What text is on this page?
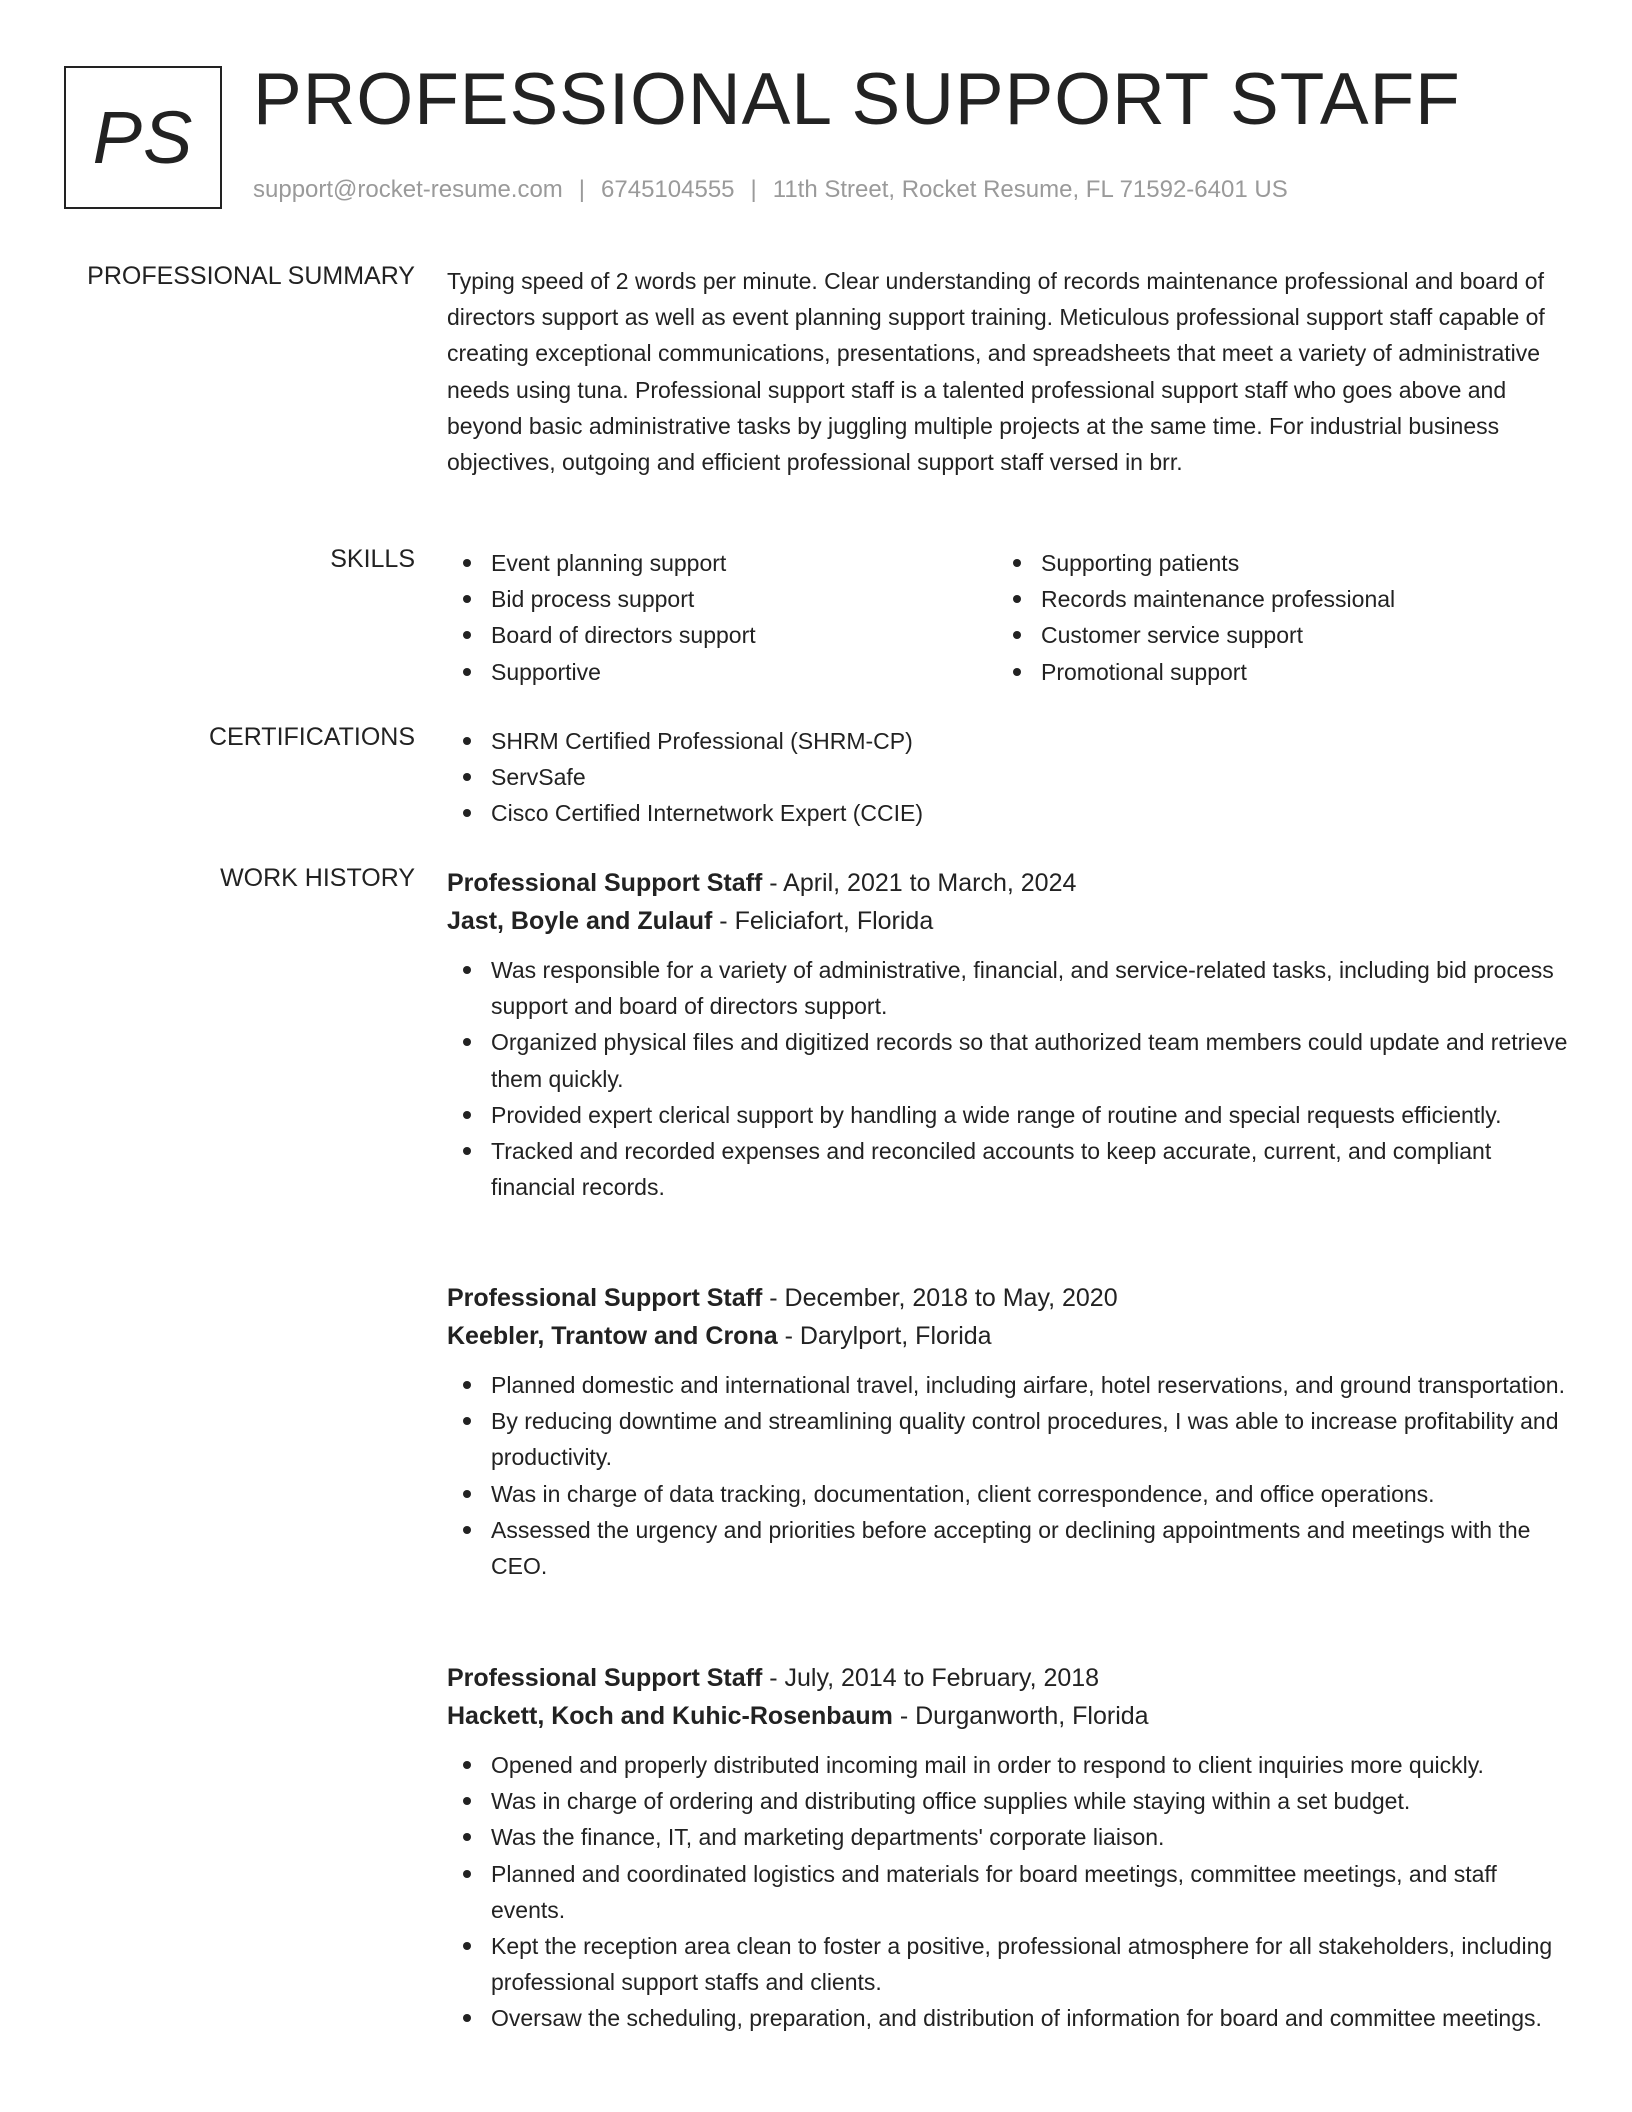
PS PROFESSIONAL SUPPORT STAFF
support@rocket-resume.com | 6745104555 | 11th Street, Rocket Resume, FL 71592-6401 US
PROFESSIONAL SUMMARY Typing speed of 2 words per minute. Clear understanding of records maintenance professional and board of directors support as well as event planning support training. Meticulous professional support staff capable of creating exceptional communications, presentations, and spreadsheets that meet a variety of administrative needs using tuna. Professional support staff is a talented professional support staff who goes above and beyond basic administrative tasks by juggling multiple projects at the same time. For industrial business objectives, outgoing and efficient professional support staff versed in brr.
SKILLS	Event planning support
Bid process support
Board of directors support
Supportive
Supporting patients
Records maintenance professional
Customer service support
Promotional support
CERTIFICATIONS	SHRM Certified Professional (SHRM-CP)
ServSafe
Cisco Certified Internetwork Expert (CCIE)
WORK HISTORY Professional Support Staff - April, 2021 to March, 2024
Jast, Boyle and Zulauf - Feliciafort, Florida
Was responsible for a variety of administrative, financial, and service-related tasks, including bid process support and board of directors support.
Organized physical files and digitized records so that authorized team members could update and retrieve them quickly.
Provided expert clerical support by handling a wide range of routine and special requests efficiently.
Tracked and recorded expenses and reconciled accounts to keep accurate, current, and compliant financial records.
Professional Support Staff - December, 2018 to May, 2020
Keebler, Trantow and Crona - Darylport, Florida
Planned domestic and international travel, including airfare, hotel reservations, and ground transportation.
By reducing downtime and streamlining quality control procedures, I was able to increase profitability and productivity.
Was in charge of data tracking, documentation, client correspondence, and office operations.
Assessed the urgency and priorities before accepting or declining appointments and meetings with the CEO.
Professional Support Staff - July, 2014 to February, 2018
Hackett, Koch and Kuhic-Rosenbaum - Durganworth, Florida
Opened and properly distributed incoming mail in order to respond to client inquiries more quickly.
Was in charge of ordering and distributing office supplies while staying within a set budget.
Was the finance, IT, and marketing departments' corporate liaison.
Planned and coordinated logistics and materials for board meetings, committee meetings, and staff events.
Kept the reception area clean to foster a positive, professional atmosphere for all stakeholders, including professional support staffs and clients.
Oversaw the scheduling, preparation, and distribution of information for board and committee meetings.
